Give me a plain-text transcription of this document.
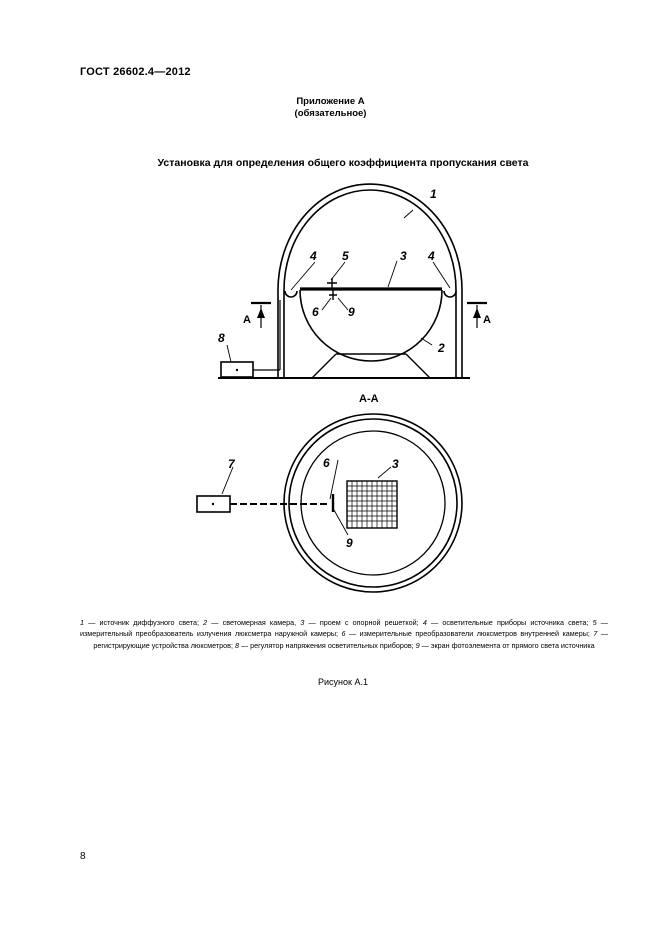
ГОСТ 26602.4—2012
Приложение А
(обязательное)
Установка для определения общего коэффициента пропускания света
1
2
3
4	4
5
6 9
8
7	6	3
9
А	А
А-А
1 — источник диффузного света; 2 — светомерная камера, 3 — проем с опорной решеткой; 4 — осветительные приборы источника света; 5 — измерительный преобразователь излучения люксметра наружной камеры; 6 — измерительные преобразователи люксметров внутренней камеры; 7 — регистрирующие устройства люксметров; 8 — регулятор напряжения осветительных приборов; 9 — экран фотоэлемента от прямого света источника
Рисунок А.1
8
